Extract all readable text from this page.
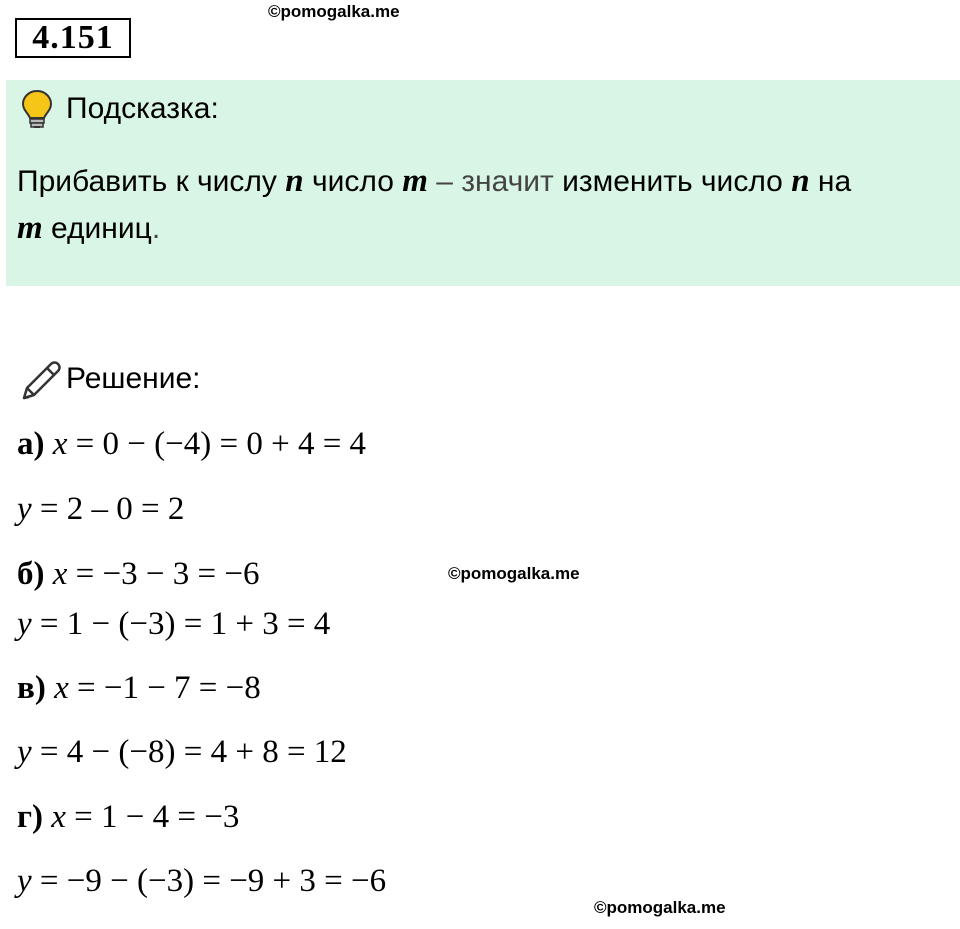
4.151
©pomogalka.me
Подсказка:
Прибавить к числу n число m – значит изменить число n на
m единиц.
Решение:
а) x = 0 − (−4) = 0 + 4 = 4
y = 2 – 0 = 2
б) x = −3 − 3 = −6
y = 1 − (−3) = 1 + 3 = 4
в) x = −1 − 7 = −8
y = 4 − (−8) = 4 + 8 = 12
г) x = 1 − 4 = −3
y = −9 − (−3) = −9 + 3 = −6
©pomogalka.me
©pomogalka.me
